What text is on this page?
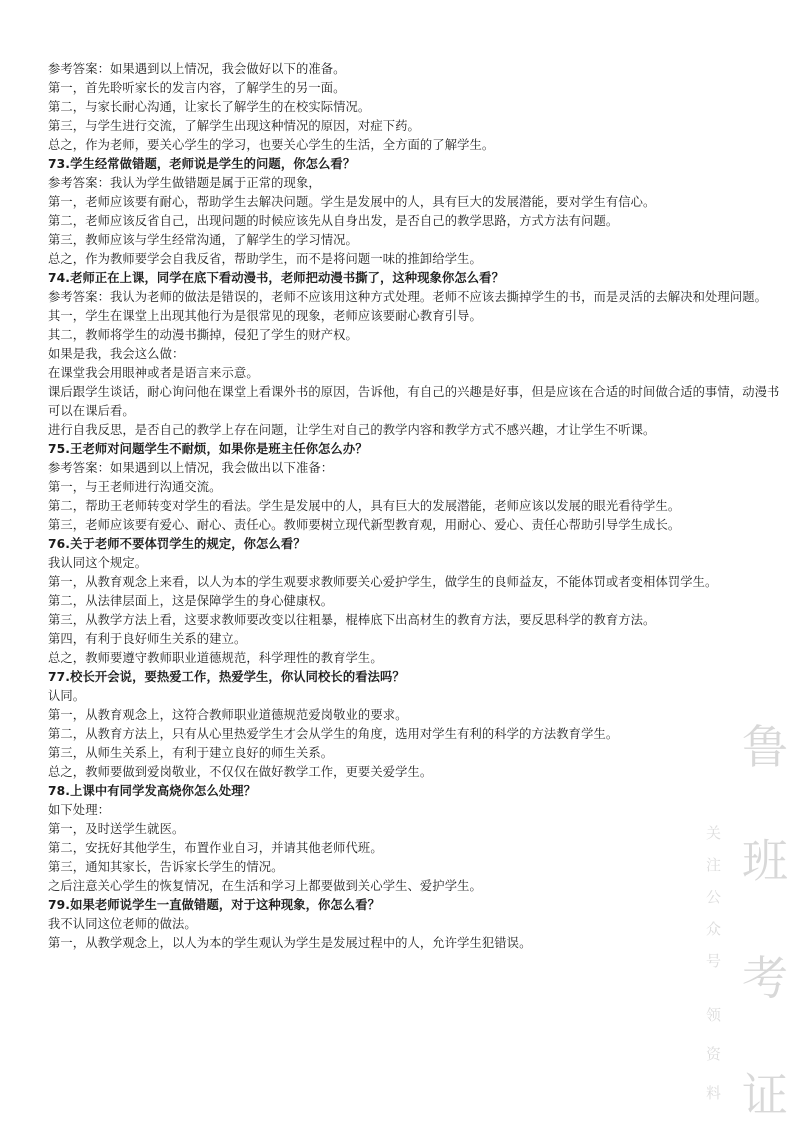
参考答案：如果遇到以上情况，我会做好以下的准备。

第一，首先聆听家长的发言内容，了解学生的另一面。

第二，与家长耐心沟通，让家长了解学生的在校实际情况。

第三，与学生进行交流，了解学生出现这种情况的原因，对症下药。

总之，作为老师，要关心学生的学习，也要关心学生的生活，全方面的了解学生。

73.学生经常做错题，老师说是学生的问题，你怎么看？

参考答案：我认为学生做错题是属于正常的现象，

第一，老师应该要有耐心，帮助学生去解决问题。学生是发展中的人，具有巨大的发展潜能，要对学生有信心。

第二，老师应该反省自己，出现问题的时候应该先从自身出发，是否自己的教学思路，方式方法有问题。

第三，教师应该与学生经常沟通，了解学生的学习情况。

总之，作为教师要学会自我反省，帮助学生，而不是将问题一味的推卸给学生。

74.老师正在上课，同学在底下看动漫书，老师把动漫书撕了，这种现象你怎么看？

参考答案：我认为老师的做法是错误的，老师不应该用这种方式处理。老师不应该去撕掉学生的书，而是灵活的去解决和处理问题。

其一，学生在课堂上出现其他行为是很常见的现象，老师应该要耐心教育引导。

其二，教师将学生的动漫书撕掉，侵犯了学生的财产权。

如果是我，我会这么做：

在课堂我会用眼神或者是语言来示意。

课后跟学生谈话，耐心询问他在课堂上看课外书的原因，告诉他，有自己的兴趣是好事，但是应该在合适的时间做合适的事情，动漫书可以在课后看。

进行自我反思，是否自己的教学上存在问题，让学生对自己的教学内容和教学方式不感兴趣，才让学生不听课。

75.王老师对问题学生不耐烦，如果你是班主任你怎么办？

参考答案：如果遇到以上情况，我会做出以下准备：

第一，与王老师进行沟通交流。

第二，帮助王老师转变对学生的看法。学生是发展中的人，具有巨大的发展潜能，老师应该以发展的眼光看待学生。

第三，老师应该要有爱心、耐心、责任心。教师要树立现代新型教育观，用耐心、爱心、责任心帮助引导学生成长。

76.关于老师不要体罚学生的规定，你怎么看？

我认同这个规定。

第一，从教育观念上来看，以人为本的学生观要求教师要关心爱护学生，做学生的良师益友，不能体罚或者变相体罚学生。

第二，从法律层面上，这是保障学生的身心健康权。

第三，从教学方法上看，这要求教师要改变以往粗暴，棍棒底下出高材生的教育方法，要反思科学的教育方法。

第四，有利于良好师生关系的建立。

总之，教师要遵守教师职业道德规范，科学理性的教育学生。

77.校长开会说，要热爱工作，热爱学生，你认同校长的看法吗？

认同。

第一，从教育观念上，这符合教师职业道德规范爱岗敬业的要求。

第二，从教育方法上，只有从心里热爱学生才会从学生的角度，选用对学生有利的科学的方法教育学生。

第三，从师生关系上，有利于建立良好的师生关系。

总之，教师要做到爱岗敬业，不仅仅在做好教学工作，更要关爱学生。

78.上课中有同学发高烧你怎么处理？

如下处理：

第一，及时送学生就医。

第二，安抚好其他学生，布置作业自习，并请其他老师代班。

第三，通知其家长，告诉家长学生的情况。

之后注意关心学生的恢复情况，在生活和学习上都要做到关心学生、爱护学生。

79.如果老师说学生一直做错题，对于这种现象，你怎么看？

我不认同这位老师的做法。

第一，从教学观念上，以人为本的学生观认为学生是发展过程中的人，允许学生犯错误。

鲁
班
考
证
关
注
公
众
号
领
资
料
